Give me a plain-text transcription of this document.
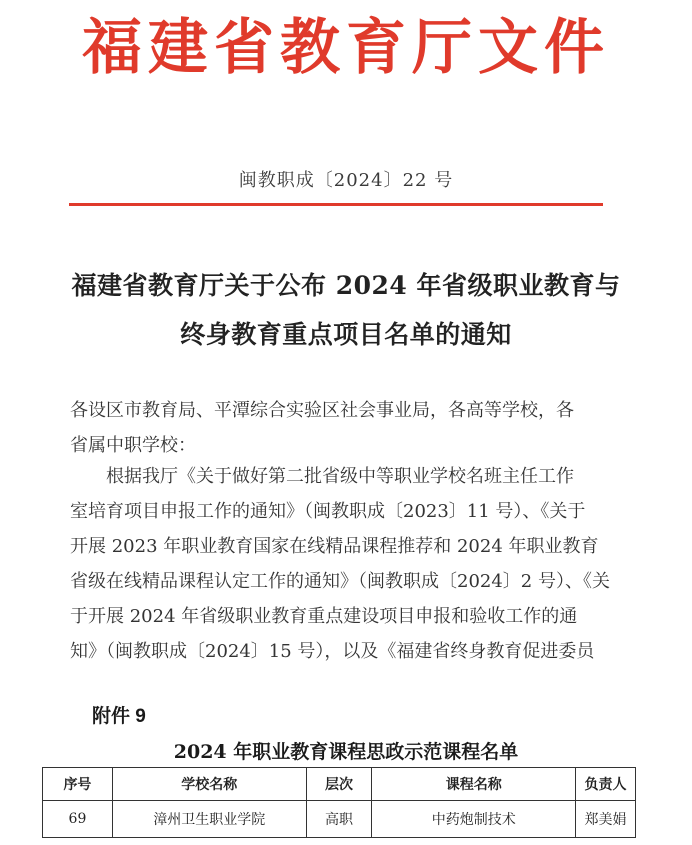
福建省教育厅文件
闽教职成〔2024〕22 号
福建省教育厅关于公布 2024 年省级职业教育与
终身教育重点项目名单的通知
各设区市教育局、平潭综合实验区社会事业局，各高等学校，各
省属中职学校：
根据我厅《关于做好第二批省级中等职业学校名班主任工作
室培育项目申报工作的通知》（闽教职成〔2023〕11 号）、《关于
开展 2023 年职业教育国家在线精品课程推荐和 2024 年职业教育
省级在线精品课程认定工作的通知》（闽教职成〔2024〕2 号）、《关
于开展 2024 年省级职业教育重点建设项目申报和验收工作的通
知》（闽教职成〔2024〕15 号），以及《福建省终身教育促进委员
附件 9
2024 年职业教育课程思政示范课程名单
序号	学校名称	层次	课程名称	负责人
69	漳州卫生职业学院	高职	中药炮制技术	郑美娟
